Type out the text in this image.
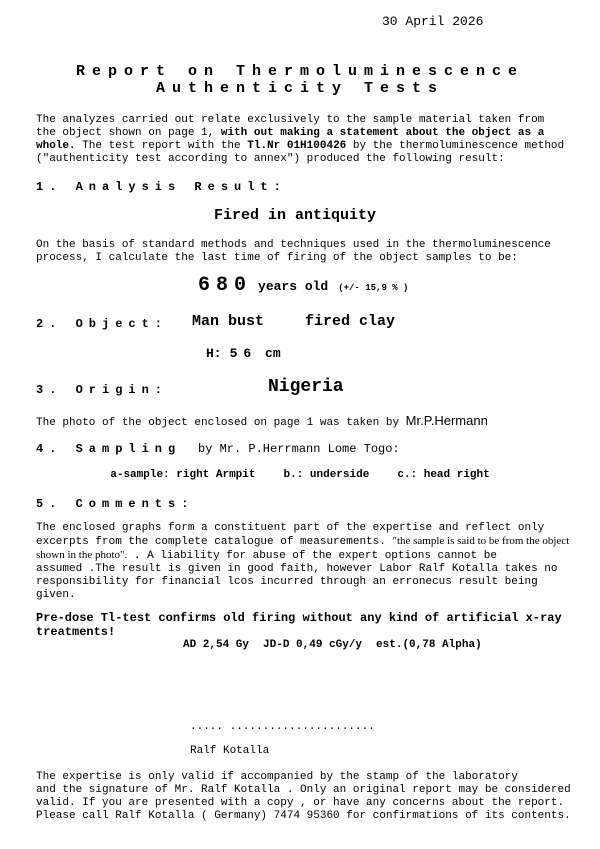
30 April 2026
Report on Thermoluminescence
Authenticity Tests
The analyzes carried out relate exclusively to the sample material taken from
the object shown on page 1, with out making a statement about the object as a
whole. The test report with the Tl.Nr 01H100426 by the thermoluminescence method
("authenticity test according to annex") produced the following result:
1. Analysis Result:
Fired in antiquity
On the basis of standard methods and techniques used in the thermoluminescence
process, I calculate the last time of firing of the object samples to be:
680 years old (+/- 15,9 % )
2. Object: Man bust	fired clay
H: 56 cm
3. Origin:	Nigeria
The photo of the object enclosed on page 1 was taken by Mr.P.Hermann
4. Sampling by Mr. P.Herrmann Lome Togo:
a-sample: right Armpit	b.: underside	c.: head right
5. Comments:
The enclosed graphs form a constituent part of the expertise and reflect only
excerpts from the complete catalogue of measurements. "the sample is said to be from the object
shown in the photo". . A liability for abuse of the expert options cannot be
assumed .The result is given in good faith, however Labor Ralf Kotalla takes no
responsibility for financial lcos incurred through an erronecus result being
given.
Pre-dose Tl-test confirms old firing without any kind of artificial x-ray
treatments!
AD 2,54 Gy JD-D 0,49 cGy/y est.(0,78 Alpha)
..... ......................
Ralf Kotalla
The expertise is only valid if accompanied by the stamp of the laboratory
and the signature of Mr. Ralf Kotalla . Only an original report may be considered
valid. If you are presented with a copy , or have any concerns about the report.
Please call Ralf Kotalla ( Germany) 7474 95360 for confirmations of its contents.
